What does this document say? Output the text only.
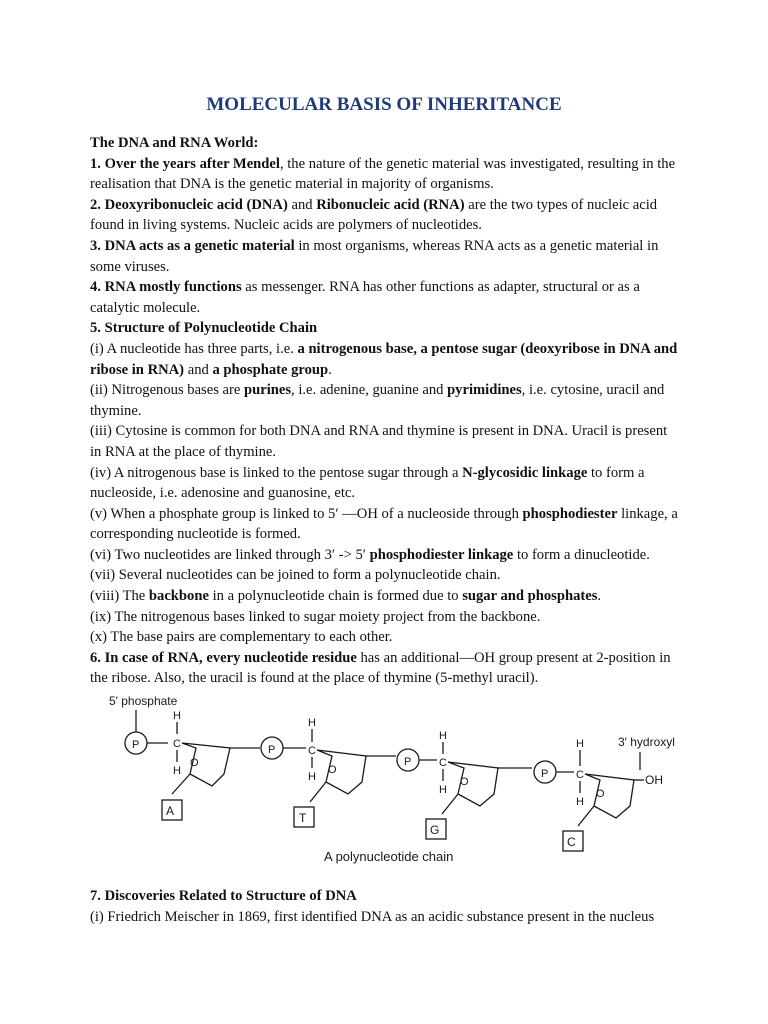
MOLECULAR BASIS OF INHERITANCE

The DNA and RNA World:

1. Over the years after Mendel, the nature of the genetic material was investigated, resulting in the realisation that DNA is the genetic material in majority of organisms.

2. Deoxyribonucleic acid (DNA) and Ribonucleic acid (RNA) are the two types of nucleic acid found in living systems. Nucleic acids are polymers of nucleotides.

3. DNA acts as a genetic material in most organisms, whereas RNA acts as a genetic material in some viruses.

4. RNA mostly functions as messenger. RNA has other functions as adapter, structural or as a catalytic molecule.

5. Structure of Polynucleotide Chain

(i) A nucleotide has three parts, i.e. a nitrogenous base, a pentose sugar (deoxyribose in DNA and ribose in RNA) and a phosphate group.

(ii) Nitrogenous bases are purines, i.e. adenine, guanine and pyrimidines, i.e. cytosine, uracil and thymine.

(iii) Cytosine is common for both DNA and RNA and thymine is present in DNA. Uracil is present in RNA at the place of thymine.

(iv) A nitrogenous base is linked to the pentose sugar through a N-glycosidic linkage to form a nucleoside, i.e. adenosine and guanosine, etc.

(v) When a phosphate group is linked to 5′ —OH of a nucleoside through phosphodiester linkage, a corresponding nucleotide is formed.

(vi) Two nucleotides are linked through 3′ -> 5′ phosphodiester linkage to form a dinucleotide.

(vii) Several nucleotides can be joined to form a polynucleotide chain.

(viii) The backbone in a polynucleotide chain is formed due to sugar and phosphates.

(ix) The nitrogenous bases linked to sugar moiety project from the backbone.

(x) The base pairs are complementary to each other.

6. In case of RNA, every nucleotide residue has an additional—OH group present at 2-position in the ribose. Also, the uracil is found at the place of thymine (5-methyl uracil).

5′ phosphate
P
H
C
H
O
A
P
H
C
H
O
T
P
H
C
H
O
G
P
H
C
H
O
OH
3′ hydroxyl
C
A polynucleotide chain

7. Discoveries Related to Structure of DNA

(i) Friedrich Meischer in 1869, first identified DNA as an acidic substance present in the nucleus
